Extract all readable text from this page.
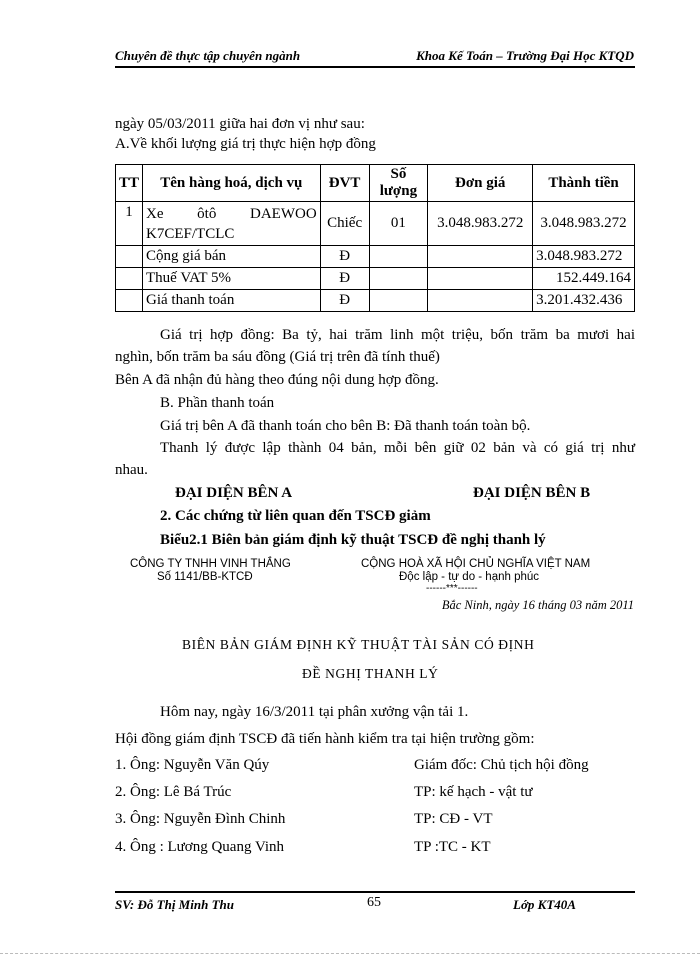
Chuyên đề thực tập chuyên ngành	Khoa Kế Toán – Trường Đại Học KTQD
ngày 05/03/2011 giữa hai đơn vị như sau:
A.Về khối lượng giá trị thực hiện hợp đồng
TT	Tên hàng hoá, dịch vụ	ĐVT	Số lượng	Đơn giá	Thành tiền
1	Xe ôtô DAEWOO
K7CEF/TCLC	Chiếc	01	3.048.983.272	3.048.983.272
	Cộng giá bán	Đ			3.048.983.272
	Thuế VAT 5%	Đ			152.449.164
	Giá thanh toán	Đ			3.201.432.436
Giá trị hợp đồng: Ba tỷ, hai trăm linh một triệu, bốn trăm ba mươi hai
nghìn, bốn trăm ba sáu đồng (Giá trị trên đã tính thuế)
Bên A đã nhận đủ hàng theo đúng nội dung hợp đồng.
B. Phần thanh toán
Giá trị bên A đã thanh toán cho bên B: Đã thanh toán toàn bộ.
Thanh lý được lập thành 04 bản, mỗi bên giữ 02 bản và có giá trị như
nhau.
ĐẠI DIỆN BÊN A	ĐẠI DIỆN BÊN B
2. Các chứng từ liên quan đến TSCĐ giảm
Biểu2.1 Biên bản giám định kỹ thuật TSCĐ đề nghị thanh lý
CÔNG TY TNHH VINH THẮNG
Số 1141/BB-KTCĐ
CỘNG HOÀ XÃ HỘI CHỦ NGHĨA VIỆT NAM
Độc lập - tự do - hạnh phúc
------***------
Bắc Ninh, ngày 16 tháng 03 năm 2011
BIÊN BẢN GIÁM ĐỊNH KỸ THUẬT TÀI SẢN CÓ ĐỊNH
ĐỀ NGHỊ THANH LÝ
Hôm nay, ngày 16/3/2011 tại phân xưởng vận tải 1.
Hội đồng giám định TSCĐ đã tiến hành kiểm tra tại hiện trường gồm:
1. Ông: Nguyễn Văn Qúy	Giám đốc: Chủ tịch hội đồng
2. Ông: Lê Bá Trúc	TP: kế hạch - vật tư
3. Ông: Nguyễn Đình Chinh	TP: CĐ - VT
4. Ông : Lương Quang Vinh	TP :TC - KT
SV: Đỗ Thị Minh Thu	65	Lớp KT40A
